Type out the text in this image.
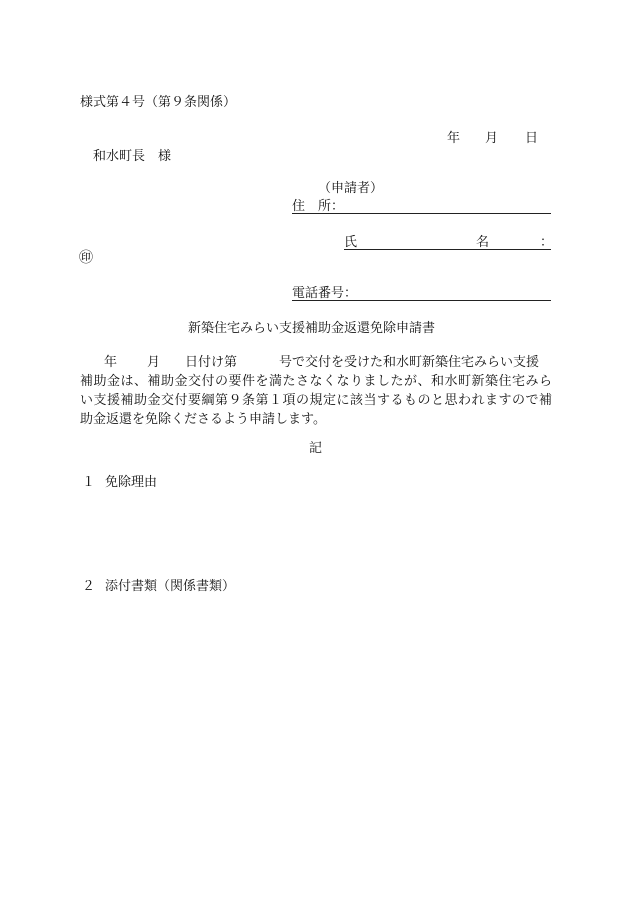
様式第４号（第９条関係）
年 月 日
和水町長　様
（申請者）
住　所：
氏	名	：
㊞
電話番号：
新築住宅みらい支援補助金返還免除申請書
年 月 日付け第	号で交付を受けた和水町新築住宅みらい支援
補助金は、補助金交付の要件を満たさなくなりましたが、和水町新築住宅みら
い支援補助金交付要綱第９条第１項の規定に該当するものと思われますので補
助金返還を免除くださるよう申請します。
記
１ 免除理由
２ 添付書類（関係書類）
